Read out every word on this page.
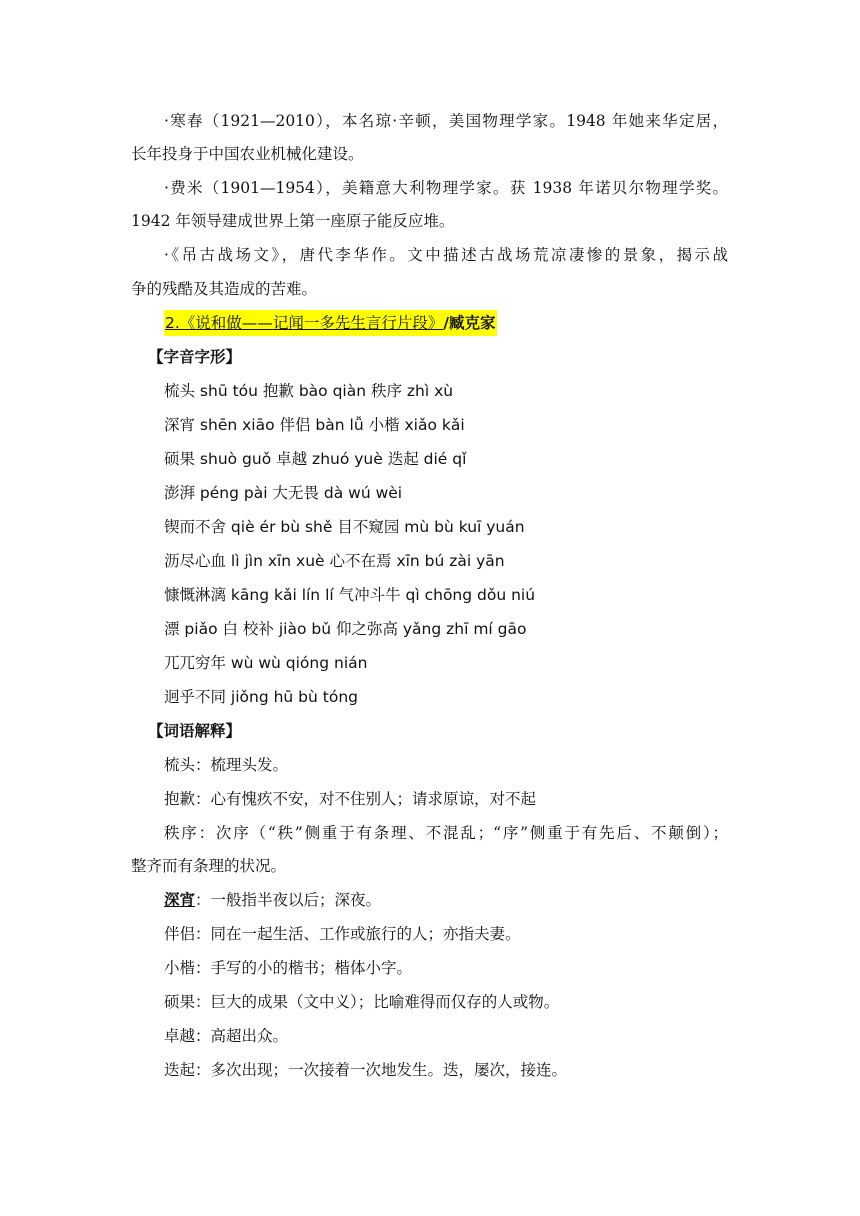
·寒春（1921—2010），本名琼·辛顿，美国物理学家。1948 年她来华定居，
长年投身于中国农业机械化建设。
·费米（1901—1954），美籍意大利物理学家。获 1938 年诺贝尔物理学奖。
1942 年领导建成世界上第一座原子能反应堆。
·《吊古战场文》，唐代李华作。文中描述古战场荒凉凄惨的景象，揭示战
争的残酷及其造成的苦难。
2.《说和做——记闻一多先生言行片段》/臧克家
【字音字形】
梳头 shū tóu 抱歉 bào qiàn 秩序 zhì xù
深宵 shēn xiāo 伴侣 bàn lǚ 小楷 xiǎo kǎi
硕果 shuò guǒ 卓越 zhuó yuè 迭起 dié qǐ
澎湃 péng pài 大无畏 dà wú wèi
锲而不舍 qiè ér bù shě 目不窥园 mù bù kuī yuán
沥尽心血 lì jìn xīn xuè 心不在焉 xīn bú zài yān
慷慨淋漓 kāng kǎi lín lí 气冲斗牛 qì chōng dǒu niú
漂 piǎo 白 校补 jiào bǔ 仰之弥高 yǎng zhī mí gāo
兀兀穷年 wù wù qióng nián
迥乎不同 jiǒng hū bù tóng
【词语解释】
梳头：梳理头发。
抱歉：心有愧疚不安，对不住别人；请求原谅，对不起
秩序：次序（“秩”侧重于有条理、不混乱；“序”侧重于有先后、不颠倒）；
整齐而有条理的状况。
深宵：一般指半夜以后；深夜。
伴侣：同在一起生活、工作或旅行的人；亦指夫妻。
小楷：手写的小的楷书；楷体小字。
硕果：巨大的成果（文中义）；比喻难得而仅存的人或物。
卓越：高超出众。
迭起：多次出现；一次接着一次地发生。迭，屡次，接连。
